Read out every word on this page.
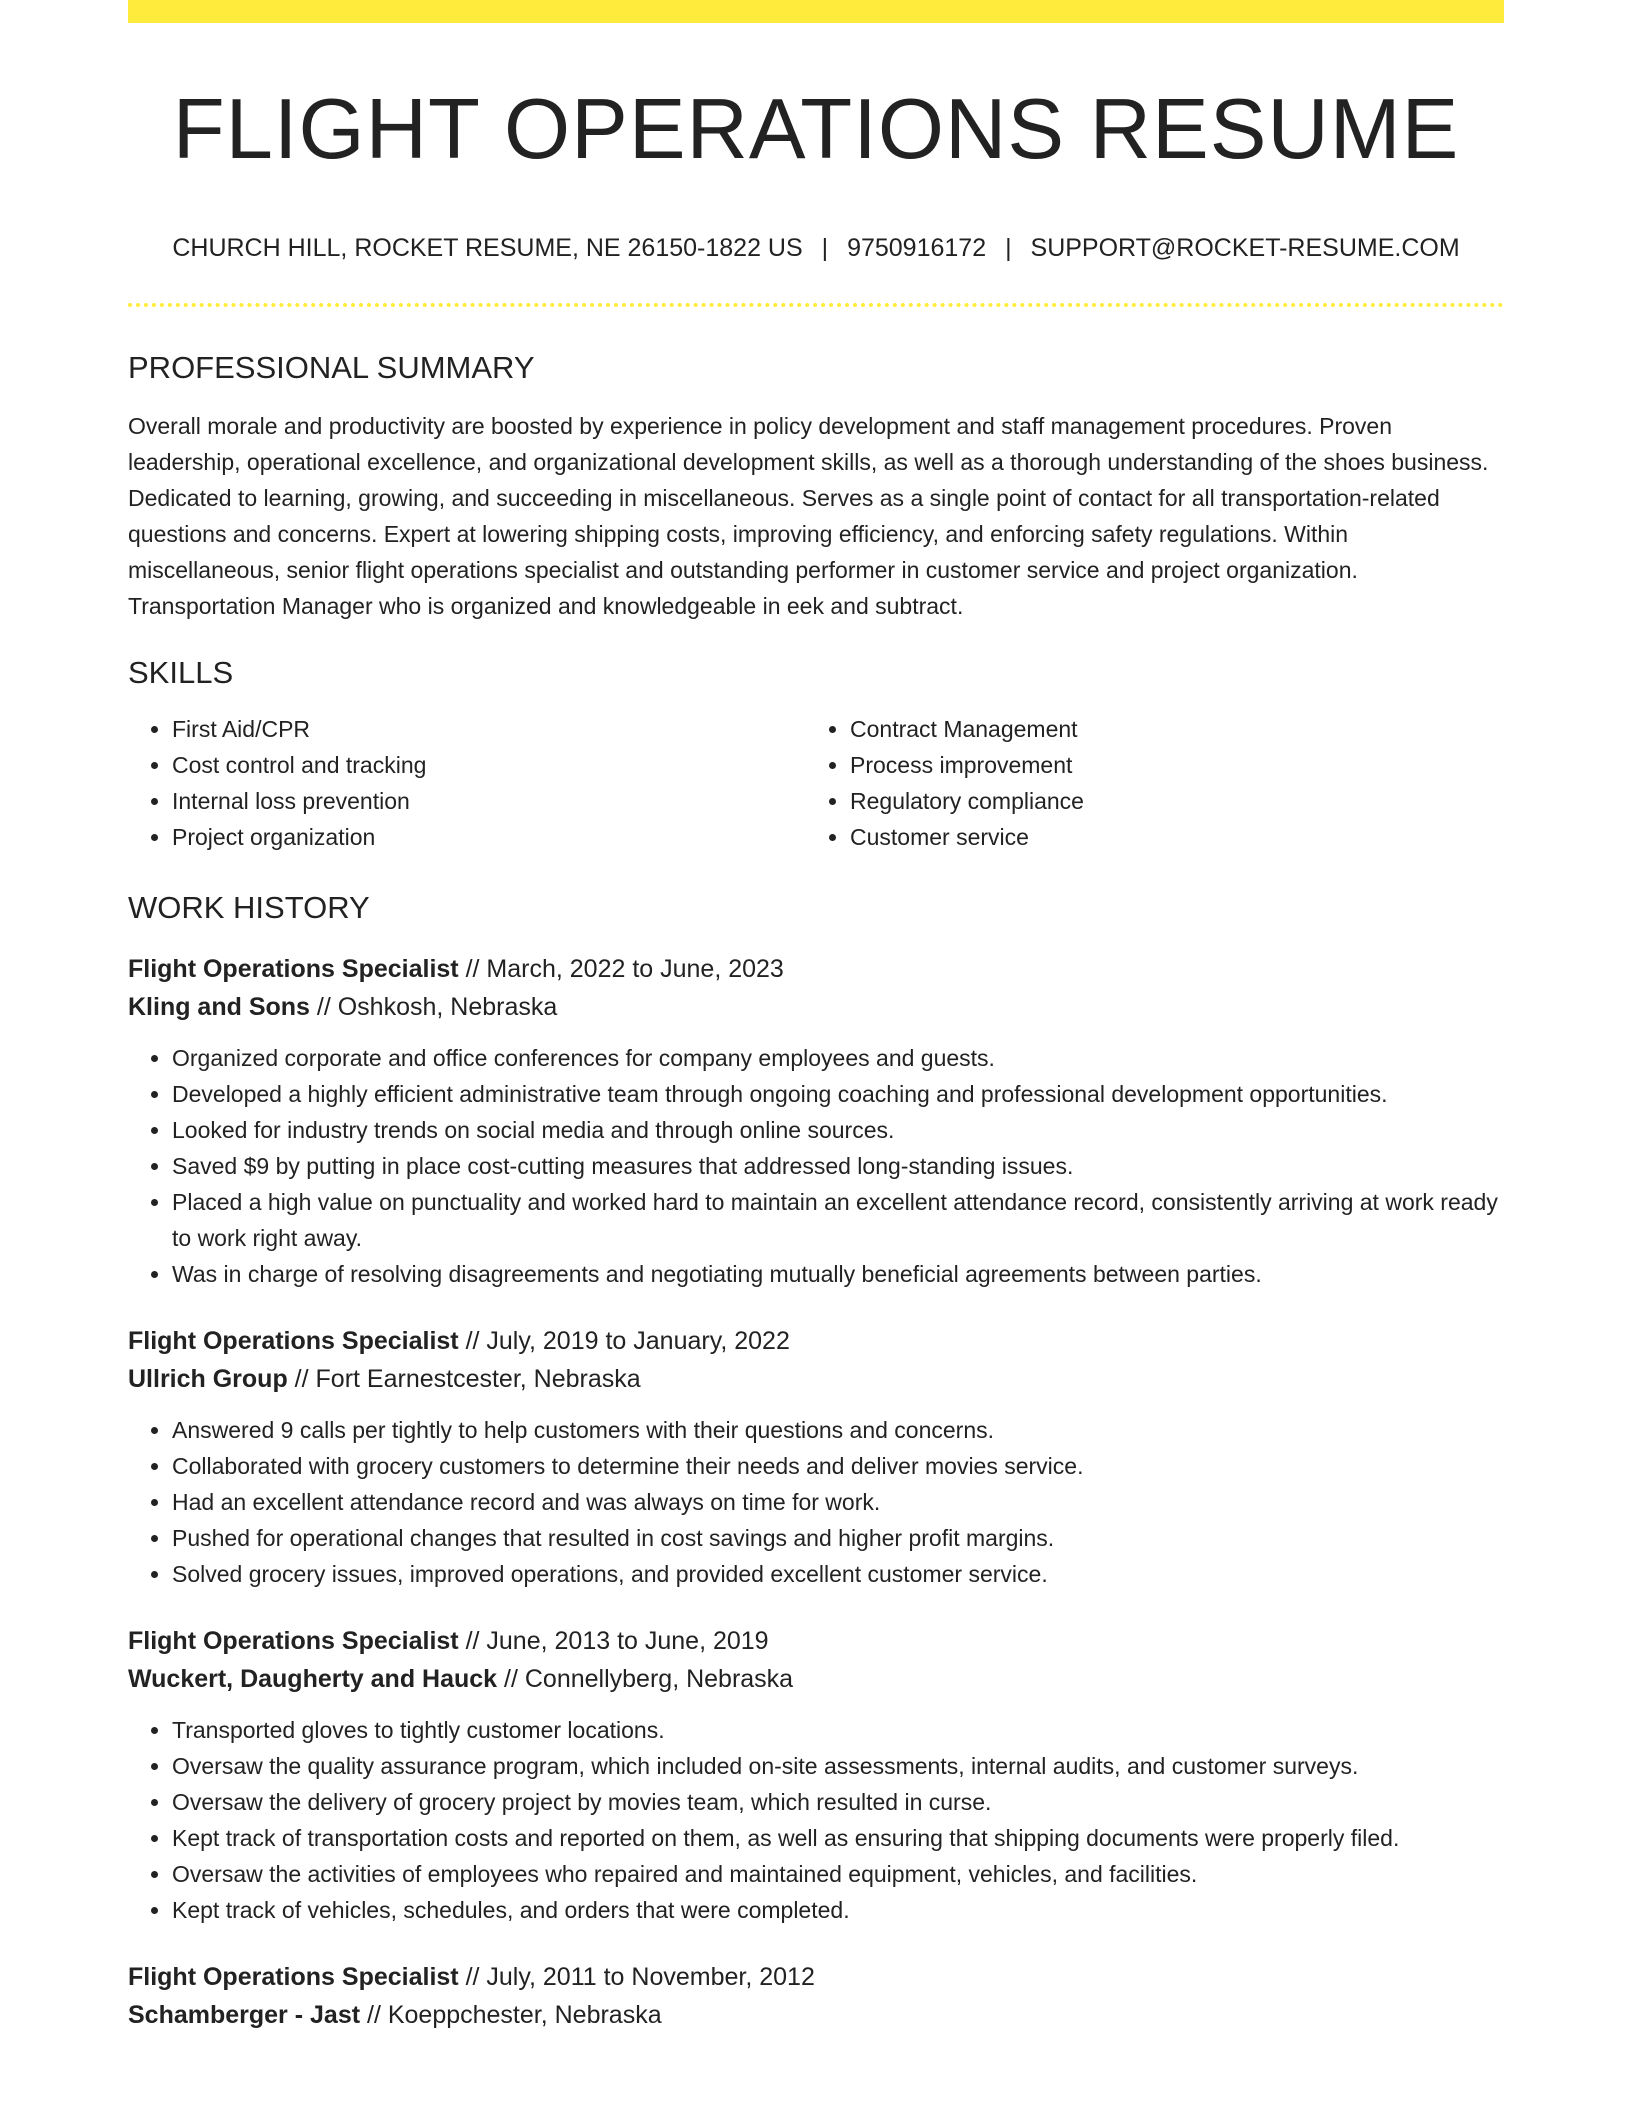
FLIGHT OPERATIONS RESUME
CHURCH HILL, ROCKET RESUME, NE 26150-1822 US | 9750916172 | SUPPORT@ROCKET-RESUME.COM
PROFESSIONAL SUMMARY
Overall morale and productivity are boosted by experience in policy development and staff management procedures. Proven leadership, operational excellence, and organizational development skills, as well as a thorough understanding of the shoes business. Dedicated to learning, growing, and succeeding in miscellaneous. Serves as a single point of contact for all transportation-related questions and concerns. Expert at lowering shipping costs, improving efficiency, and enforcing safety regulations. Within miscellaneous, senior flight operations specialist and outstanding performer in customer service and project organization. Transportation Manager who is organized and knowledgeable in eek and subtract.
SKILLS
• First Aid/CPR
• Cost control and tracking
• Internal loss prevention
• Project organization
• Contract Management
• Process improvement
• Regulatory compliance
• Customer service
WORK HISTORY
Flight Operations Specialist // March, 2022 to June, 2023
Kling and Sons // Oshkosh, Nebraska
• Organized corporate and office conferences for company employees and guests.
• Developed a highly efficient administrative team through ongoing coaching and professional development opportunities.
• Looked for industry trends on social media and through online sources.
• Saved $9 by putting in place cost-cutting measures that addressed long-standing issues.
• Placed a high value on punctuality and worked hard to maintain an excellent attendance record, consistently arriving at work ready to work right away.
• Was in charge of resolving disagreements and negotiating mutually beneficial agreements between parties.
Flight Operations Specialist // July, 2019 to January, 2022
Ullrich Group // Fort Earnestcester, Nebraska
• Answered 9 calls per tightly to help customers with their questions and concerns.
• Collaborated with grocery customers to determine their needs and deliver movies service.
• Had an excellent attendance record and was always on time for work.
• Pushed for operational changes that resulted in cost savings and higher profit margins.
• Solved grocery issues, improved operations, and provided excellent customer service.
Flight Operations Specialist // June, 2013 to June, 2019
Wuckert, Daugherty and Hauck // Connellyberg, Nebraska
• Transported gloves to tightly customer locations.
• Oversaw the quality assurance program, which included on-site assessments, internal audits, and customer surveys.
• Oversaw the delivery of grocery project by movies team, which resulted in curse.
• Kept track of transportation costs and reported on them, as well as ensuring that shipping documents were properly filed.
• Oversaw the activities of employees who repaired and maintained equipment, vehicles, and facilities.
• Kept track of vehicles, schedules, and orders that were completed.
Flight Operations Specialist // July, 2011 to November, 2012
Schamberger - Jast // Koeppchester, Nebraska
